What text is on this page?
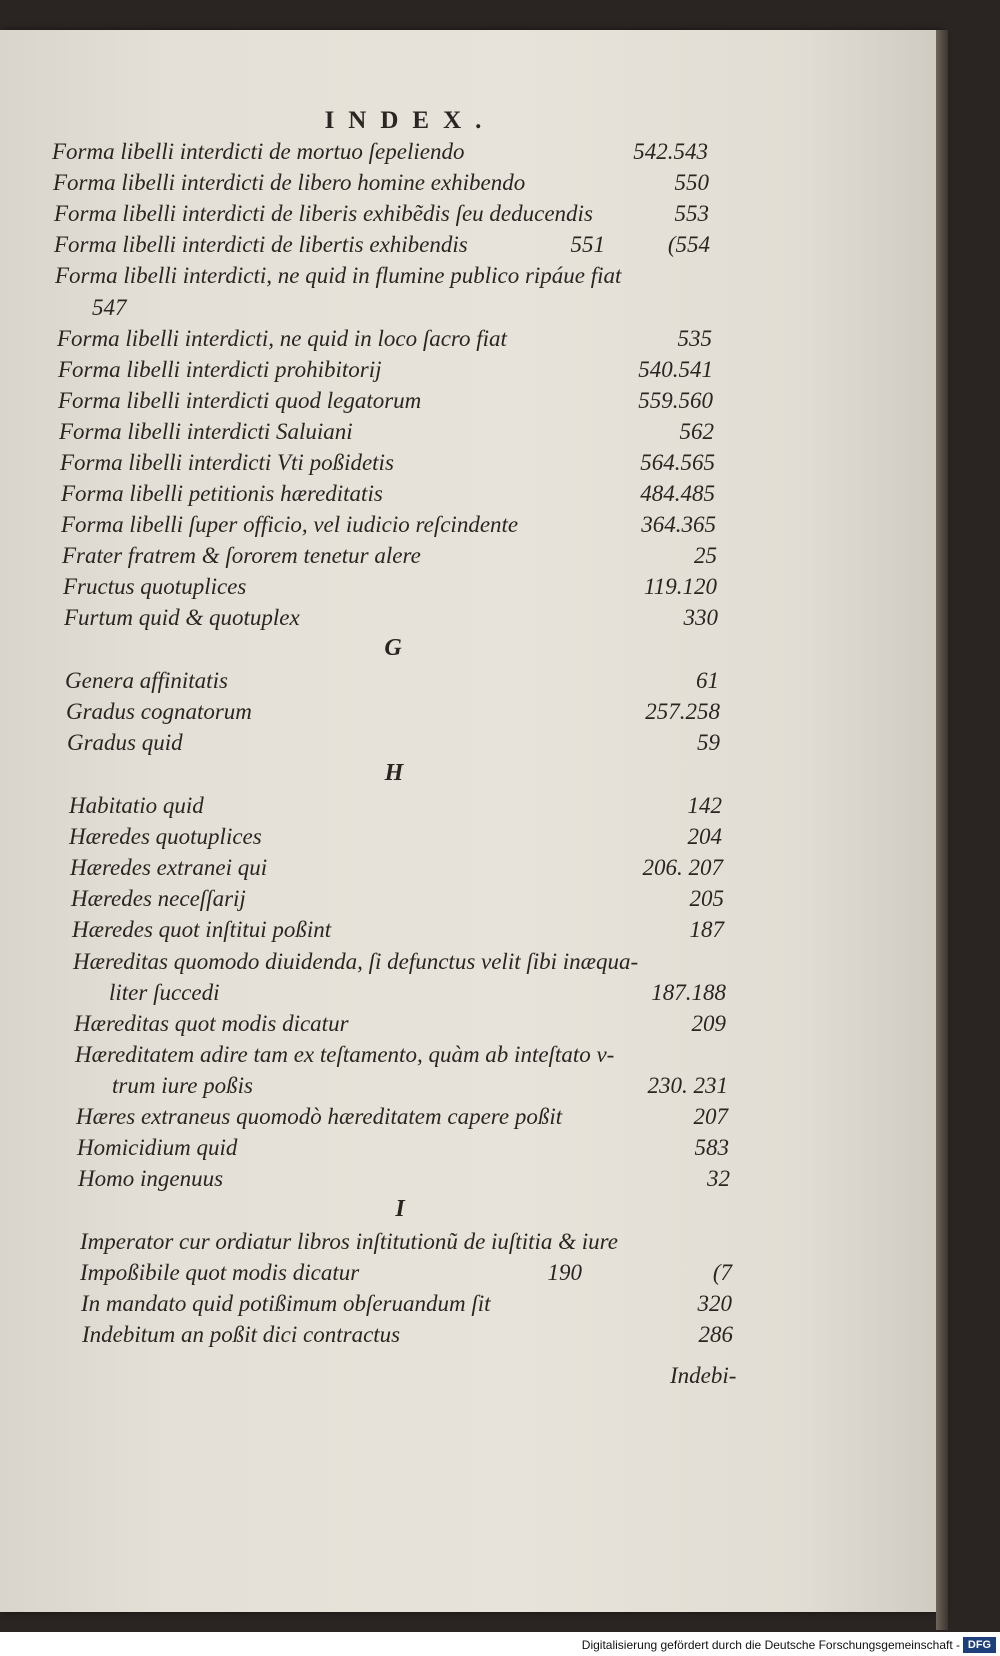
INDEX.
Forma libelli interdicti de mortuo ſepeliendo	542.543
Forma libelli interdicti de libero homine exhibendo	550
Forma libelli interdicti de liberis exhibẽdis ſeu deducendis	553
Forma libelli interdicti de libertis exhibendis	551	(554
Forma libelli interdicti, ne quid in flumine publico ripáue fiat
547
Forma libelli interdicti, ne quid in loco ſacro fiat	535
Forma libelli interdicti prohibitorij	540.541
Forma libelli interdicti quod legatorum	559.560
Forma libelli interdicti Saluiani	562
Forma libelli interdicti Vti poßidetis	564.565
Forma libelli petitionis hæreditatis	484.485
Forma libelli ſuper officio, vel iudicio reſcindente	364.365
Frater fratrem & ſororem tenetur alere	25
Fructus quotuplices	119.120
Furtum quid & quotuplex	330
G
Genera affinitatis	61
Gradus cognatorum	257.258
Gradus quid	59
H
Habitatio quid	142
Hæredes quotuplices	204
Hæredes extranei qui	206. 207
Hæredes neceſſarij	205
Hæredes quot inſtitui poßint	187
Hæreditas quomodo diuidenda, ſi defunctus velit ſibi inæqua-
liter ſuccedi	187.188
Hæreditas quot modis dicatur	209
Hæreditatem adire tam ex teſtamento, quàm ab inteſtato v-
trum iure poßis	230. 231
Hæres extraneus quomodò hæreditatem capere poßit	207
Homicidium quid	583
Homo ingenuus	32
I
Imperator cur ordiatur libros inſtitutionũ de iuſtitia & iure
Impoßibile quot modis dicatur	190	(7
In mandato quid potißimum obſeruandum ſit	320
Indebitum an poßit dici contractus	286
Indebi-
Digitalisierung gefördert durch die Deutsche Forschungsgemeinschaft - DFG
